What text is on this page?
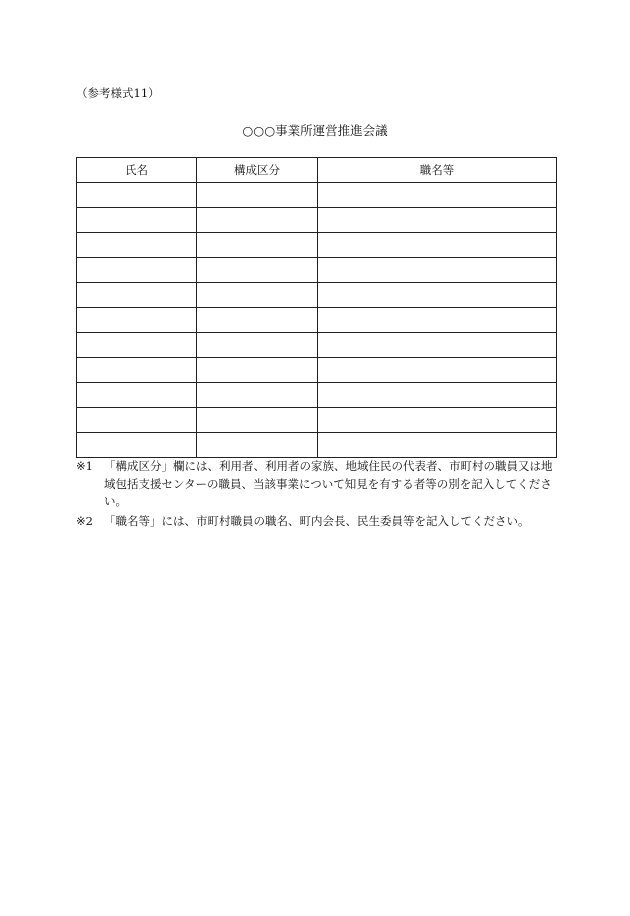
（参考様式11）
○○○事業所運営推進会議
氏名	構成区分	職名等

※1 「構成区分」欄には、利用者、利用者の家族、地域住民の代表者、市町村の職員又は地域包括支援センターの職員、当該事業について知見を有する者等の別を記入してください。
※2 「職名等」には、市町村職員の職名、町内会長、民生委員等を記入してください。
